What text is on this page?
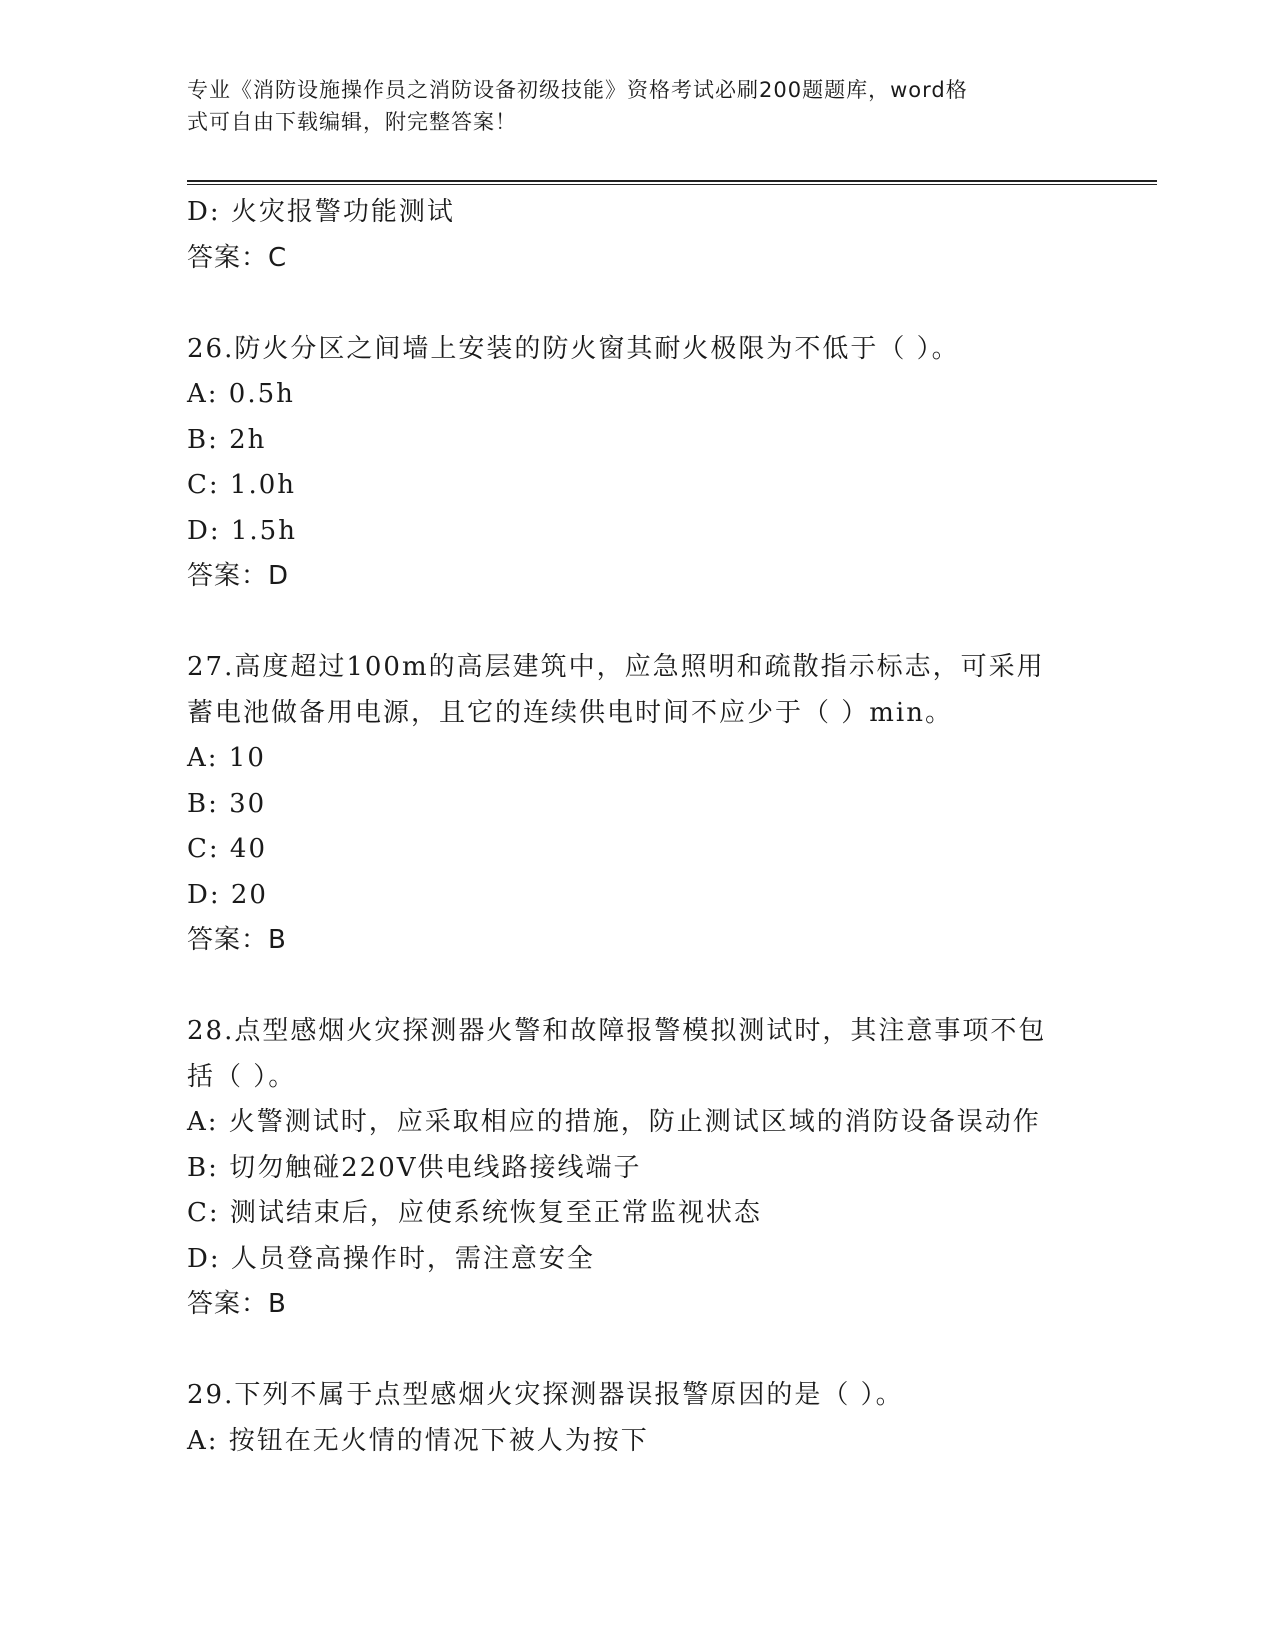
专业《消防设施操作员之消防设备初级技能》资格考试必刷200题题库，word格
式可自由下载编辑，附完整答案！
D: 火灾报警功能测试
答案：C
26.防火分区之间墙上安装的防火窗其耐火极限为不低于（ ）。
A: 0.5h
B: 2h
C: 1.0h
D: 1.5h
答案：D
27.高度超过100m的高层建筑中，应急照明和疏散指示标志，可采用
蓄电池做备用电源，且它的连续供电时间不应少于（ ）min。
A: 10
B: 30
C: 40
D: 20
答案：B
28.点型感烟火灾探测器火警和故障报警模拟测试时，其注意事项不包
括（ ）。
A: 火警测试时，应采取相应的措施，防止测试区域的消防设备误动作
B: 切勿触碰220V供电线路接线端子
C: 测试结束后，应使系统恢复至正常监视状态
D: 人员登高操作时，需注意安全
答案：B
29.下列不属于点型感烟火灾探测器误报警原因的是（ ）。
A: 按钮在无火情的情况下被人为按下
